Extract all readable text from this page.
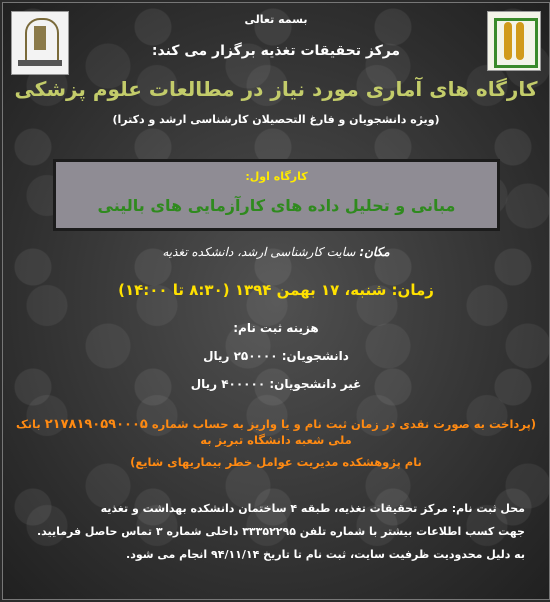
بسمه تعالی
مرکز تحقیقات تغذیه برگزار می کند:
کارگاه های آماری مورد نیاز در مطالعات علوم پزشکی
(ویژه دانشجویان و فارغ التحصیلان کارشناسی ارشد و دکترا)
کارگاه اول:
مبانی و تحلیل داده های کارآزمایی های بالینی
مکان: سایت کارشناسی ارشد، دانشکده تغذیه
زمان: شنبه، ۱۷ بهمن ۱۳۹۴ (۸:۳۰ تا ۱۴:۰۰)
هزینه ثبت نام:
دانشجویان: ۲۵۰۰۰۰ ریال
غیر دانشجویان: ۴۰۰۰۰۰ ریال
(پرداخت به صورت نقدی در زمان ثبت نام و یا واریز به حساب شماره ۲۱۷۸۱۹۰۵۹۰۰۰۵ بانک ملی شعبه دانشگاه تبریز به
نام پژوهشکده مدیریت عوامل خطر بیماریهای شایع)
محل ثبت نام: مرکز تحقیقات تغذیه، طبقه ۴ ساختمان دانشکده بهداشت و تغذیه
جهت کسب اطلاعات بیشتر با شماره تلفن ۳۳۳۵۲۲۹۵ داخلی شماره ۳ تماس حاصل فرمایید.
به دلیل محدودیت ظرفیت سایت، ثبت نام تا تاریخ ۹۴/۱۱/۱۴ انجام می شود.
